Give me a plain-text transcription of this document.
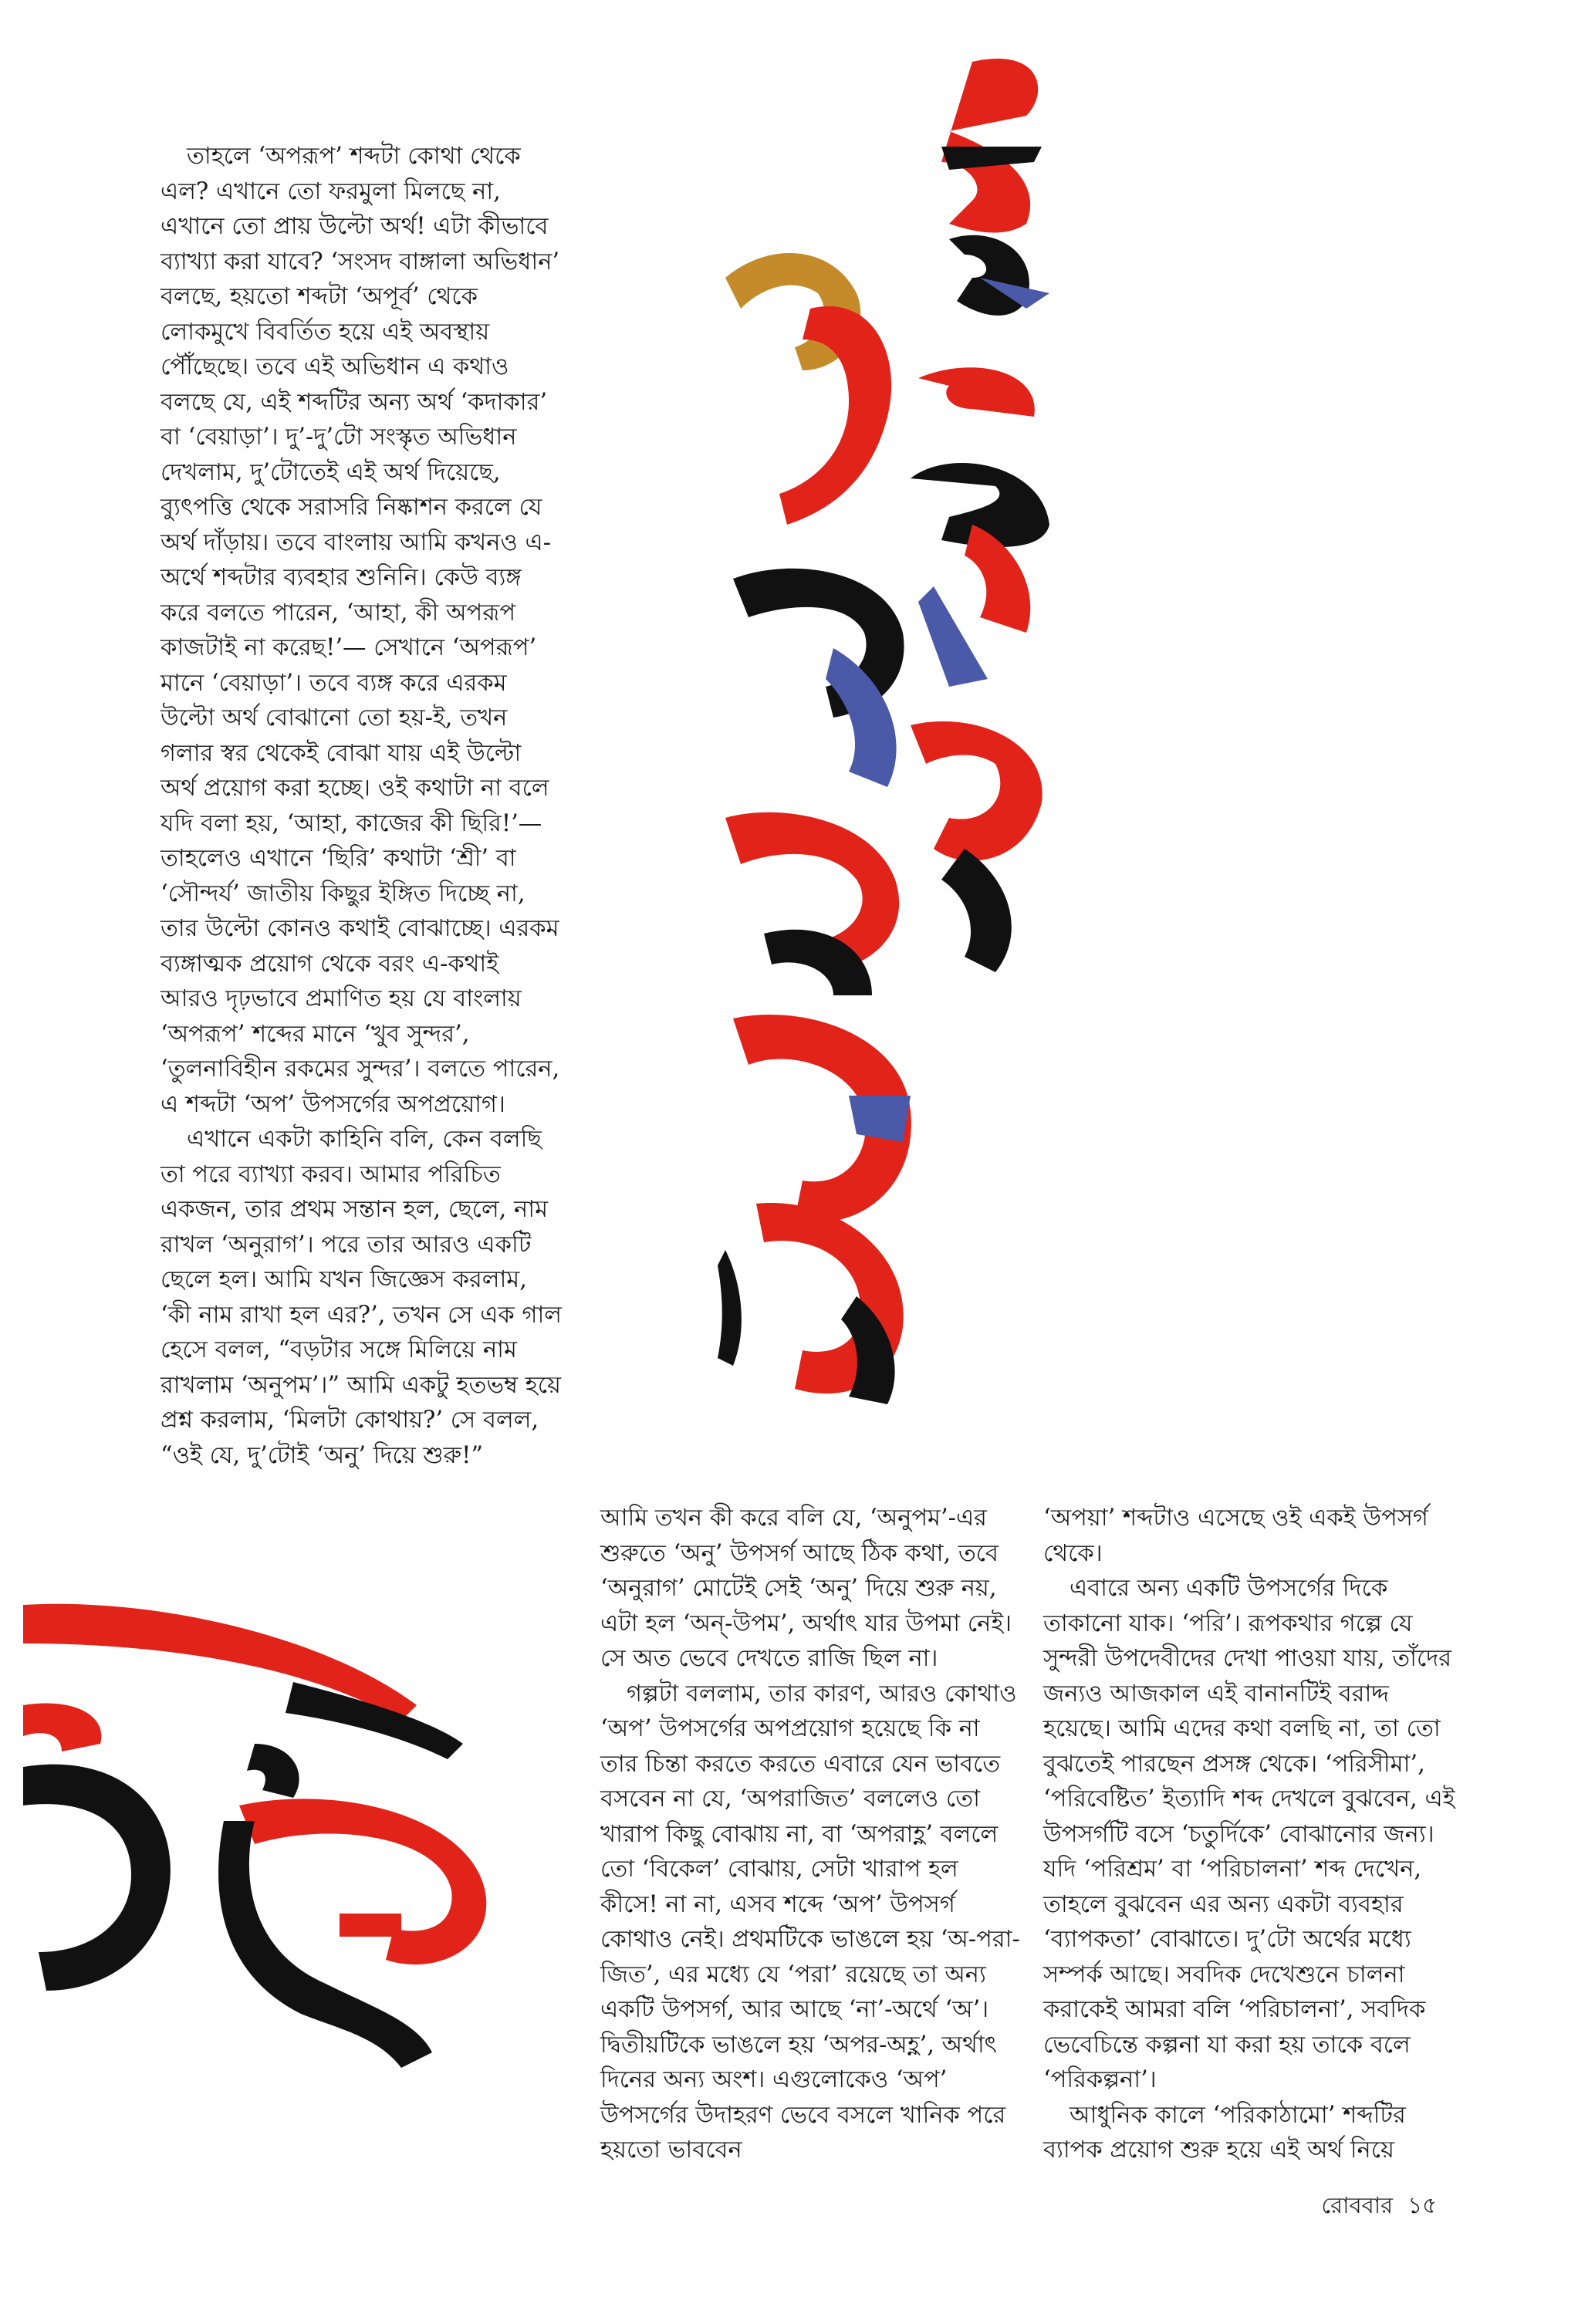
তাহলে ‘অপরূপ’ শব্দটা কোথা থেকে এল? এখানে তো ফরমুলা মিলছে না, এখানে তো প্রায় উল্টো অর্থ! এটা কীভাবে ব্যাখ্যা করা যাবে? ‘সংসদ বাঙ্গালা অভিধান’ বলছে, হয়তো শব্দটা ‘অপূর্ব’ থেকে লোকমুখে বিবর্তিত হয়ে এই অবস্থায় পৌঁছেছে। তবে এই অভিধান এ কথাও বলছে যে, এই শব্দটির অন্য অর্থ ‘কদাকার’ বা ‘বেয়াড়া’। দু’-দু’টো সংস্কৃত অভিধান দেখলাম, দু’টোতেই এই অর্থ দিয়েছে, ব্যুৎপত্তি থেকে সরাসরি নিষ্কাশন করলে যে অর্থ দাঁড়ায়। তবে বাংলায় আমি কখনও এ-অর্থে শব্দটার ব্যবহার শুনিনি। কেউ ব্যঙ্গ করে বলতে পারেন, ‘আহা, কী অপরূপ কাজটাই না করেছ!’— সেখানে ‘অপরূপ’ মানে ‘বেয়াড়া’। তবে ব্যঙ্গ করে এরকম উল্টো অর্থ বোঝানো তো হয়-ই, তখন গলার স্বর থেকেই বোঝা যায় এই উল্টো অর্থ প্রয়োগ করা হচ্ছে। ওই কথাটা না বলে যদি বলা হয়, ‘আহা, কাজের কী ছিরি!’— তাহলেও এখানে ‘ছিরি’ কথাটা ‘শ্রী’ বা ‘সৌন্দর্য’ জাতীয় কিছুর ইঙ্গিত দিচ্ছে না, তার উল্টো কোনও কথাই বোঝাচ্ছে। এরকম ব্যঙ্গাত্মক প্রয়োগ থেকে বরং এ-কথাই আরও দৃঢ়ভাবে প্রমাণিত হয় যে বাংলায় ‘অপরূপ’ শব্দের মানে ‘খুব সুন্দর’, ‘তুলনাবিহীন রকমের সুন্দর’। বলতে পারেন, এ শব্দটা ‘অপ’ উপসর্গের অপপ্রয়োগ।

এখানে একটা কাহিনি বলি, কেন বলছি তা পরে ব্যাখ্যা করব। আমার পরিচিত একজন, তার প্রথম সন্তান হল, ছেলে, নাম রাখল ‘অনুরাগ’। পরে তার আরও একটি ছেলে হল। আমি যখন জিজ্ঞেস করলাম, ‘কী নাম রাখা হল এর?’, তখন সে এক গাল হেসে বলল, “বড়টার সঙ্গে মিলিয়ে নাম রাখলাম ‘অনুপম’।” আমি একটু হতভম্ব হয়ে প্রশ্ন করলাম, ‘মিলটা কোথায়?’ সে বলল, “ওই যে, দু’টোই ‘অনু’ দিয়ে শুরু!”

আমি তখন কী করে বলি যে, ‘অনুপম’-এর শুরুতে ‘অনু’ উপসর্গ আছে ঠিক কথা, তবে ‘অনুরাগ’ মোটেই সেই ‘অনু’ দিয়ে শুরু নয়, এটা হল ‘অন্-উপম’, অর্থাৎ যার উপমা নেই। সে অত ভেবে দেখতে রাজি ছিল না।

গল্পটা বললাম, তার কারণ, আরও কোথাও ‘অপ’ উপসর্গের অপপ্রয়োগ হয়েছে কি না তার চিন্তা করতে করতে এবারে যেন ভাবতে বসবেন না যে, ‘অপরাজিত’ বললেও তো খারাপ কিছু বোঝায় না, বা ‘অপরাহ্ণ’ বললে তো ‘বিকেল’ বোঝায়, সেটা খারাপ হল কীসে! না না, এসব শব্দে ‘অপ’ উপসর্গ কোথাও নেই। প্রথমটিকে ভাঙলে হয় ‘অ-পরা-জিত’, এর মধ্যে যে ‘পরা’ রয়েছে তা অন্য একটি উপসর্গ, আর আছে ‘না’-অর্থে ‘অ’। দ্বিতীয়টিকে ভাঙলে হয় ‘অপর-অহ্ণ’, অর্থাৎ দিনের অন্য অংশ। এগুলোকেও ‘অপ’ উপসর্গের উদাহরণ ভেবে বসলে খানিক পরে হয়তো ভাববেন

‘অপয়া’ শব্দটাও এসেছে ওই একই উপসর্গ থেকে।

এবারে অন্য একটি উপসর্গের দিকে তাকানো যাক। ‘পরি’। রূপকথার গল্পে যে সুন্দরী উপদেবীদের দেখা পাওয়া যায়, তাঁদের জন্যও আজকাল এই বানানটিই বরাদ্দ হয়েছে। আমি এদের কথা বলছি না, তা তো বুঝতেই পারছেন প্রসঙ্গ থেকে। ‘পরিসীমা’, ‘পরিবেষ্টিত’ ইত্যাদি শব্দ দেখলে বুঝবেন, এই উপসর্গটি বসে ‘চতুর্দিকে’ বোঝানোর জন্য। যদি ‘পরিশ্রম’ বা ‘পরিচালনা’ শব্দ দেখেন, তাহলে বুঝবেন এর অন্য একটা ব্যবহার ‘ব্যাপকতা’ বোঝাতে। দু’টো অর্থের মধ্যে সম্পর্ক আছে। সবদিক দেখেশুনে চালনা করাকেই আমরা বলি ‘পরিচালনা’, সবদিক ভেবেচিন্তে কল্পনা যা করা হয় তাকে বলে ‘পরিকল্পনা’।

আধুনিক কালে ‘পরিকাঠামো’ শব্দটির ব্যাপক প্রয়োগ শুরু হয়ে এই অর্থ নিয়ে

রোববার ১৫
